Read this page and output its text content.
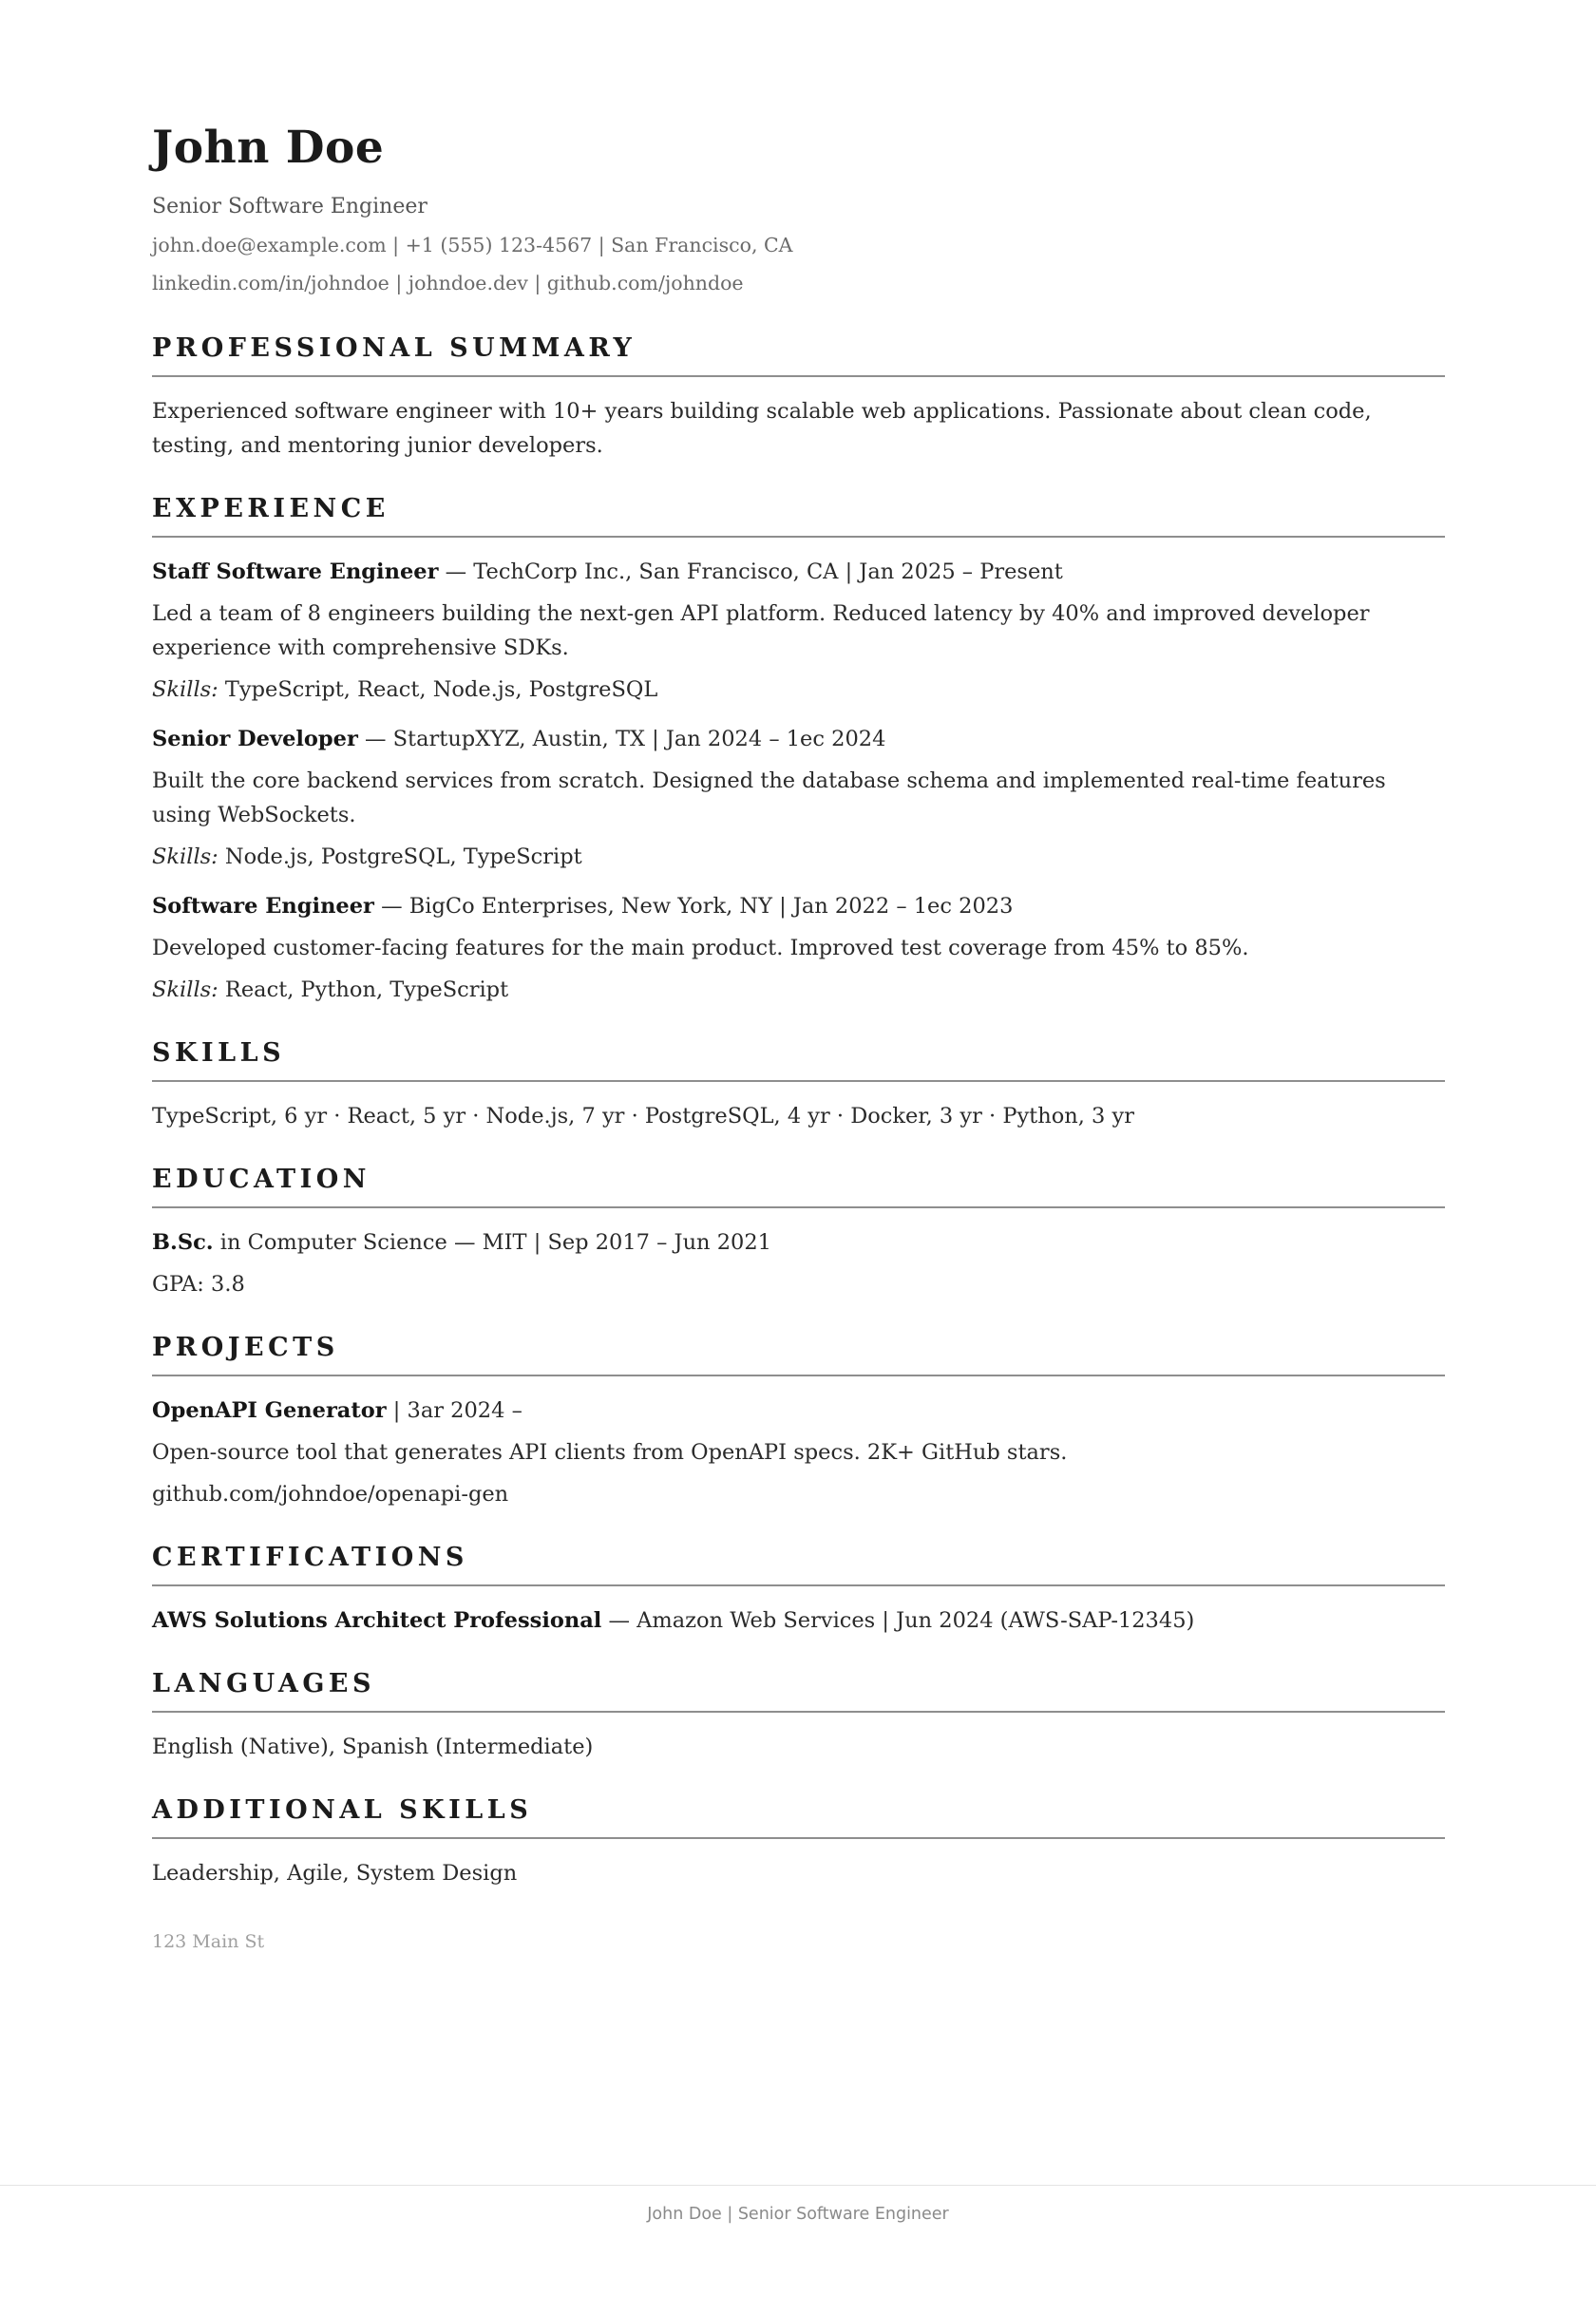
John Doe
Senior Software Engineer
john.doe@example.com | +1 (555) 123-4567 | San Francisco, CA
linkedin.com/in/johndoe | johndoe.dev | github.com/johndoe
PROFESSIONAL SUMMARY

Experienced software engineer with 10+ years building scalable web applications. Passionate about clean code, testing, and mentoring junior developers.

EXPERIENCE
Staff Software Engineer — TechCorp Inc., San Francisco, CA | Jan 2025 – Present

Led a team of 8 engineers building the next-gen API platform. Reduced latency by 40% and improved developer experience with comprehensive SDKs.

Skills: TypeScript, React, Node.js, PostgreSQL
Senior Developer — StartupXYZ, Austin, TX | Jan 2024 – 1ec 2024

Built the core backend services from scratch. Designed the database schema and implemented real-time features using WebSockets.

Skills: Node.js, PostgreSQL, TypeScript
Software Engineer — BigCo Enterprises, New York, NY | Jan 2022 – 1ec 2023

Developed customer-facing features for the main product. Improved test coverage from 45% to 85%.

Skills: React, Python, TypeScript
SKILLS

TypeScript, 6 yr · React, 5 yr · Node.js, 7 yr · PostgreSQL, 4 yr · Docker, 3 yr · Python, 3 yr

EDUCATION
B.Sc. in Computer Science — MIT | Sep 2017 – Jun 2021

GPA: 3.8

PROJECTS
OpenAPI Generator | 3ar 2024 –

Open-source tool that generates API clients from OpenAPI specs. 2K+ GitHub stars.

github.com/johndoe/openapi-gen
CERTIFICATIONS
AWS Solutions Architect Professional — Amazon Web Services | Jun 2024 (AWS-SAP-12345)
LANGUAGES

English (Native), Spanish (Intermediate)

ADDITIONAL SKILLS

Leadership, Agile, System Design

123 Main St
John Doe | Senior Software Engineer
